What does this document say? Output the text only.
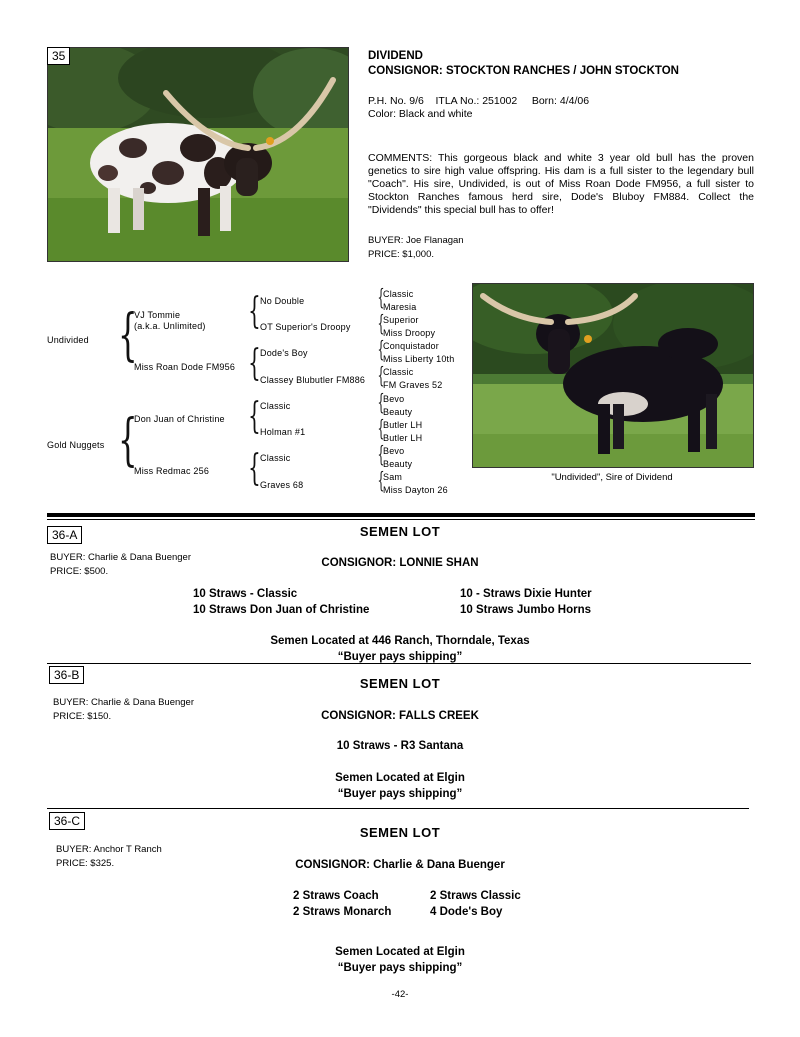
35	DIVIDEND
CONSIGNOR: STOCKTON RANCHES / JOHN STOCKTON
P.H. No. 9/6 ITLA No.: 251002 Born: 4/4/06
Color: Black and white
COMMENTS: This gorgeous black and white 3 year old bull has the proven genetics to sire high value offspring. His dam is a full sister to the legendary bull "Coach". His sire, Undivided, is out of Miss Roan Dode FM956, a full sister to Stockton Ranches famous herd sire, Dode's Bluboy FM884. Collect the "Dividends" this special bull has to offer!
BUYER: Joe Flanagan
PRICE: $1,000.
Undivided
Gold Nuggets
{
{
VJ Tommie
(a.k.a. Unlimited)
Miss Roan Dode FM956
Don Juan of Christine
Miss Redmac 256
{
{
{
{
No Double
OT Superior's Droopy
Dode's Boy
Classey Blubutler FM886
Classic
Holman #1
Classic
Graves 68
{
{
{
{
{
{
{
{
Classic
Maresia
Superior
Miss Droopy
Conquistador
Miss Liberty 10th
Classic
FM Graves 52
Bevo
Beauty
Butler LH
Butler LH
Bevo
Beauty
Sam
Miss Dayton 26
"Undivided", Sire of Dividend
36-A	SEMEN LOT
BUYER: Charlie & Dana Buenger
PRICE: $500.
CONSIGNOR: LONNIE SHAN
10 Straws - Classic	10 - Straws Dixie Hunter
10 Straws Don Juan of Christine	10 Straws Jumbo Horns
Semen Located at 446 Ranch, Thorndale, Texas
“Buyer pays shipping”
36-B
SEMEN LOT
BUYER: Charlie & Dana Buenger
PRICE: $150.	CONSIGNOR: FALLS CREEK
10 Straws - R3 Santana
Semen Located at Elgin
“Buyer pays shipping”
36-C
SEMEN LOT
BUYER: Anchor T Ranch
PRICE: $325.	CONSIGNOR: Charlie & Dana Buenger
2 Straws Coach	2 Straws Classic
2 Straws Monarch	4 Dode's Boy
Semen Located at Elgin
“Buyer pays shipping”
-42-
